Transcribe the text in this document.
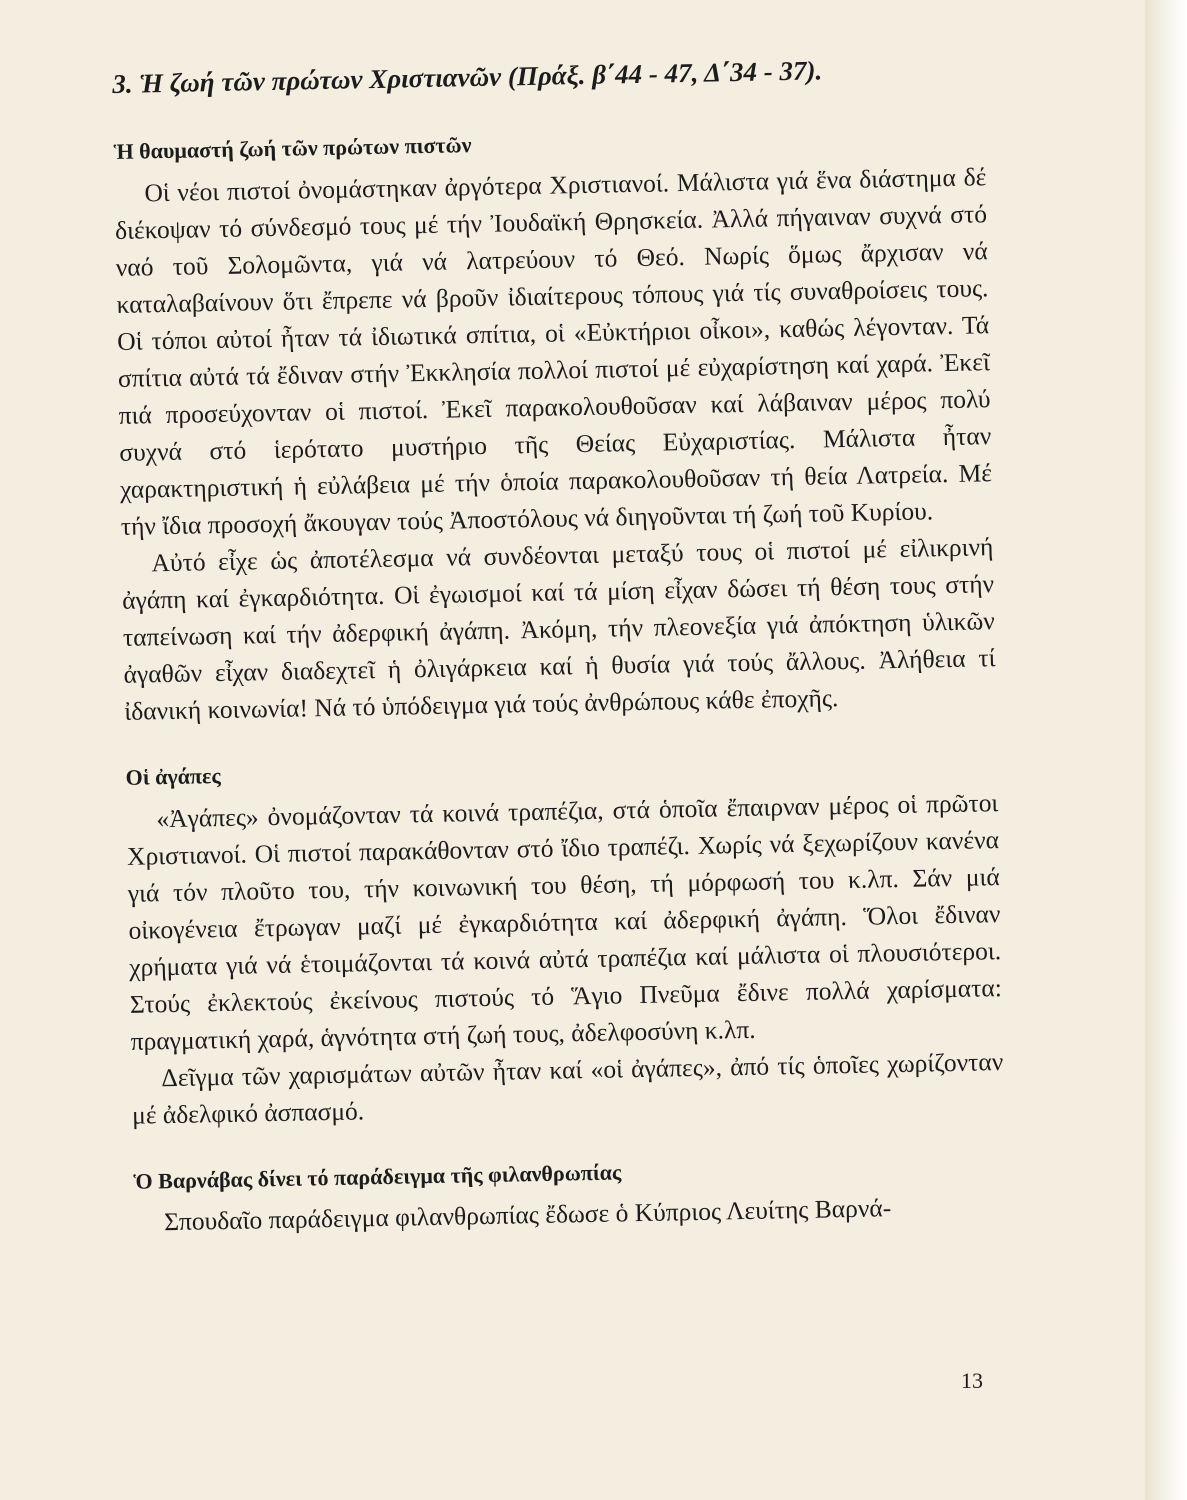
3. Ἡ ζωή τῶν πρώτων Χριστιανῶν (Πράξ. β΄44 - 47, Δ΄34 - 37).
Ἡ θαυμαστή ζωή τῶν πρώτων πιστῶν

Οἱ νέοι πιστοί ὀνομάστηκαν ἀργότερα Χριστιανοί. Μάλιστα γιά ἕνα διάστημα δέ διέκοψαν τό σύνδεσμό τους μέ τήν Ἰουδαϊκή Θρησκεία. Ἀλλά πήγαιναν συχνά στό ναό τοῦ Σολομῶντα, γιά νά λατρεύουν τό Θεό. Νωρίς ὅμως ἄρχισαν νά καταλαβαίνουν ὅτι ἔπρεπε νά βροῦν ἰδιαίτερους τόπους γιά τίς συναθροίσεις τους. Οἱ τόποι αὐτοί ἦταν τά ἰδιωτικά σπίτια, οἱ «Εὐκτήριοι οἶκοι», καθώς λέγονταν. Τά σπίτια αὐτά τά ἔδιναν στήν Ἐκκλησία πολλοί πιστοί μέ εὐχαρίστηση καί χαρά. Ἐκεῖ πιά προσεύχονταν οἱ πιστοί. Ἐκεῖ παρακολουθοῦσαν καί λάβαιναν μέρος πολύ συχνά στό ἱερότατο μυστήριο τῆς Θείας Εὐχαριστίας. Μάλιστα ἦταν χαρακτηριστική ἡ εὐλάβεια μέ τήν ὁποία παρακολουθοῦσαν τή θεία Λατρεία. Μέ τήν ἴδια προσοχή ἄκουγαν τούς Ἀποστόλους νά διηγοῦνται τή ζωή τοῦ Κυρίου.

Αὐτό εἶχε ὡς ἀποτέλεσμα νά συνδέονται μεταξύ τους οἱ πιστοί μέ εἰλικρινή ἀγάπη καί ἐγκαρδιότητα. Οἱ ἐγωισμοί καί τά μίση εἶχαν δώσει τή θέση τους στήν ταπείνωση καί τήν ἀδερφική ἀγάπη. Ἀκόμη, τήν πλεονεξία γιά ἀπόκτηση ὑλικῶν ἀγαθῶν εἶχαν διαδεχτεῖ ἡ ὀλιγάρκεια καί ἡ θυσία γιά τούς ἄλλους. Ἀλήθεια τί ἰδανική κοινωνία! Νά τό ὑπόδειγμα γιά τούς ἀνθρώπους κάθε ἐποχῆς.

Οἱ ἀγάπες

«Ἀγάπες» ὀνομάζονταν τά κοινά τραπέζια, στά ὁποῖα ἔπαιρναν μέρος οἱ πρῶτοι Χριστιανοί. Οἱ πιστοί παρακάθονταν στό ἴδιο τραπέζι. Χωρίς νά ξεχωρίζουν κανένα γιά τόν πλοῦτο του, τήν κοινωνική του θέση, τή μόρφωσή του κ.λπ. Σάν μιά οἰκογένεια ἔτρωγαν μαζί μέ ἐγκαρδιότητα καί ἀδερφική ἀγάπη. Ὅλοι ἔδιναν χρήματα γιά νά ἑτοιμάζονται τά κοινά αὐτά τραπέζια καί μάλιστα οἱ πλουσιότεροι. Στούς ἐκλεκτούς ἐκείνους πιστούς τό Ἅγιο Πνεῦμα ἔδινε πολλά χαρίσματα: πραγματική χαρά, ἁγνότητα στή ζωή τους, ἀδελφοσύνη κ.λπ.

Δεῖγμα τῶν χαρισμάτων αὐτῶν ἦταν καί «οἱ ἀγάπες», ἀπό τίς ὁποῖες χωρίζονταν μέ ἀδελφικό ἀσπασμό.

Ὁ Βαρνάβας δίνει τό παράδειγμα τῆς φιλανθρωπίας

Σπουδαῖο παράδειγμα φιλανθρωπίας ἔδωσε ὁ Κύπριος Λευίτης Βαρνά-

13
